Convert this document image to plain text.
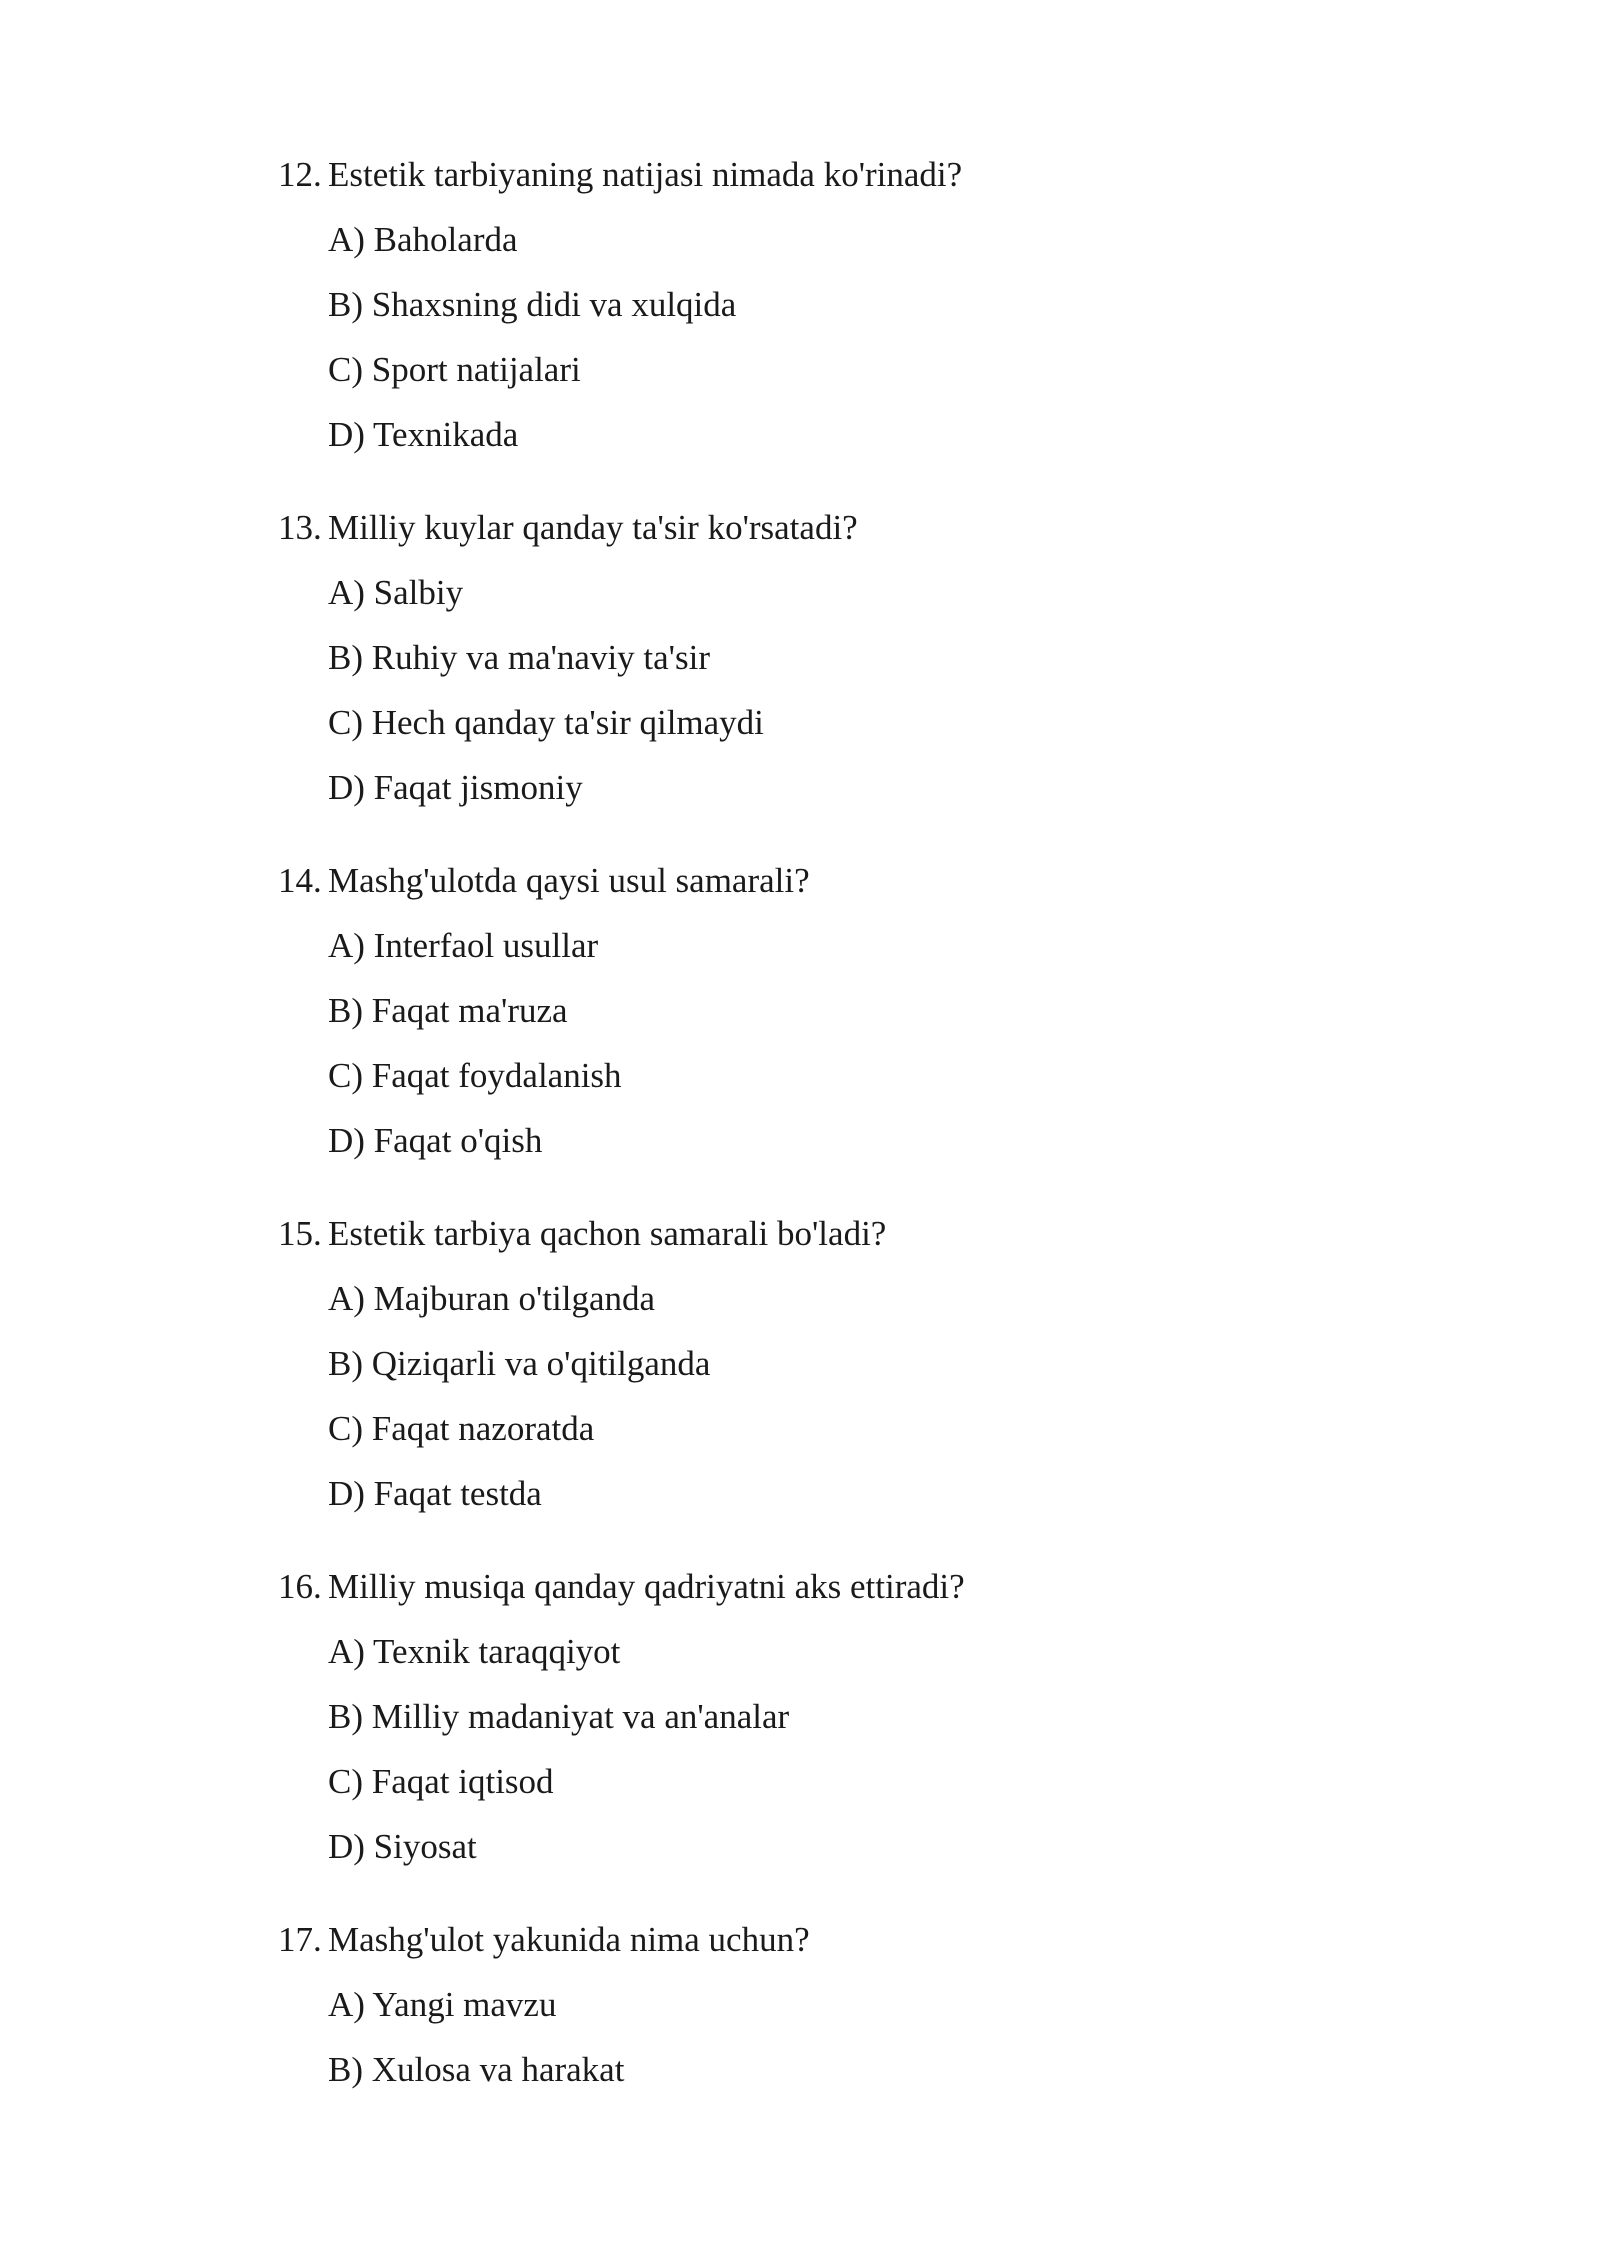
12. Estetik tarbiyaning natijasi nimada ko'rinadi?

A) Baholarda
B) Shaxsning didi va xulqida
C) Sport natijalari
D) Texnikada

13. Milliy kuylar qanday ta'sir ko'rsatadi?

A) Salbiy
B) Ruhiy va ma'naviy ta'sir
C) Hech qanday ta'sir qilmaydi
D) Faqat jismoniy

14. Mashg'ulotda qaysi usul samarali?

A) Interfaol usullar
B) Faqat ma'ruza
C) Faqat foydalanish
D) Faqat o'qish

15. Estetik tarbiya qachon samarali bo'ladi?

A) Majburan o'tilganda
B) Qiziqarli va o'qitilganda
C) Faqat nazoratda
D) Faqat testda

16. Milliy musiqa qanday qadriyatni aks ettiradi?

A) Texnik taraqqiyot
B) Milliy madaniyat va an'analar
C) Faqat iqtisod
D) Siyosat

17. Mashg'ulot yakunida nima uchun?

A) Yangi mavzu
B) Xulosa va harakat
